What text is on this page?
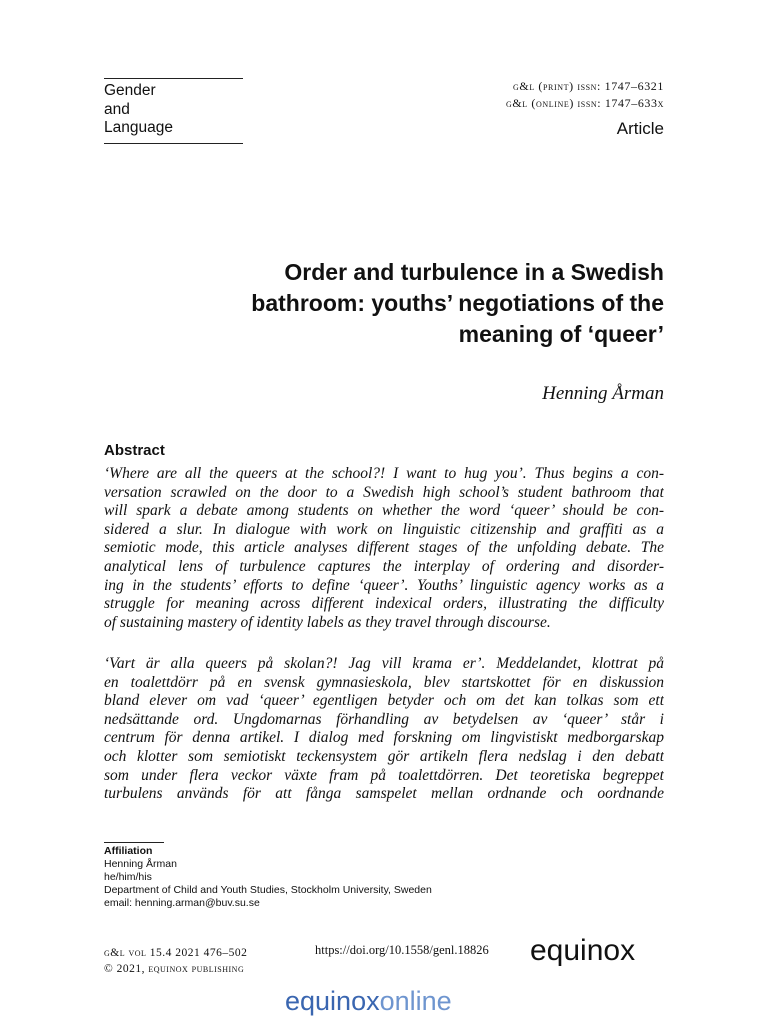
Gender
and
Language
g&l (print) issn: 1747–6321
g&l (online) issn: 1747–633x
Article
Order and turbulence in a Swedish
bathroom: youths’ negotiations of the
meaning of ‘queer’
Henning Årman
Abstract
‘Where are all the queers at the school?! I want to hug you’. Thus begins a con-
versation scrawled on the door to a Swedish high school’s student bathroom that
will spark a debate among students on whether the word ‘queer’ should be con-
sidered a slur. In dialogue with work on linguistic citizenship and graffiti as a
semiotic mode, this article analyses different stages of the unfolding debate. The
analytical lens of turbulence captures the interplay of ordering and disorder-
ing in the students’ efforts to define ‘queer’. Youths’ linguistic agency works as a
struggle for meaning across different indexical orders, illustrating the difficulty
of sustaining mastery of identity labels as they travel through discourse.
‘Vart är alla queers på skolan?! Jag vill krama er’. Meddelandet, klottrat på
en toalettdörr på en svensk gymnasieskola, blev startskottet för en diskussion
bland elever om vad ‘queer’ egentligen betyder och om det kan tolkas som ett
nedsättande ord. Ungdomarnas förhandling av betydelsen av ‘queer’ står i
centrum för denna artikel. I dialog med forskning om lingvistiskt medborgarskap
och klotter som semiotiskt teckensystem gör artikeln flera nedslag i den debatt
som under flera veckor växte fram på toalettdörren. Det teoretiska begreppet
turbulens används för att fånga samspelet mellan ordnande och oordnande
Affiliation
Henning Årman
he/him/his
Department of Child and Youth Studies, Stockholm University, Sweden
email: henning.arman@buv.su.se
g&l vol 15.4 2021 476–502
© 2021, equinox publishing
https://doi.org/10.1558/genl.18826 equinox
equinoxonline
